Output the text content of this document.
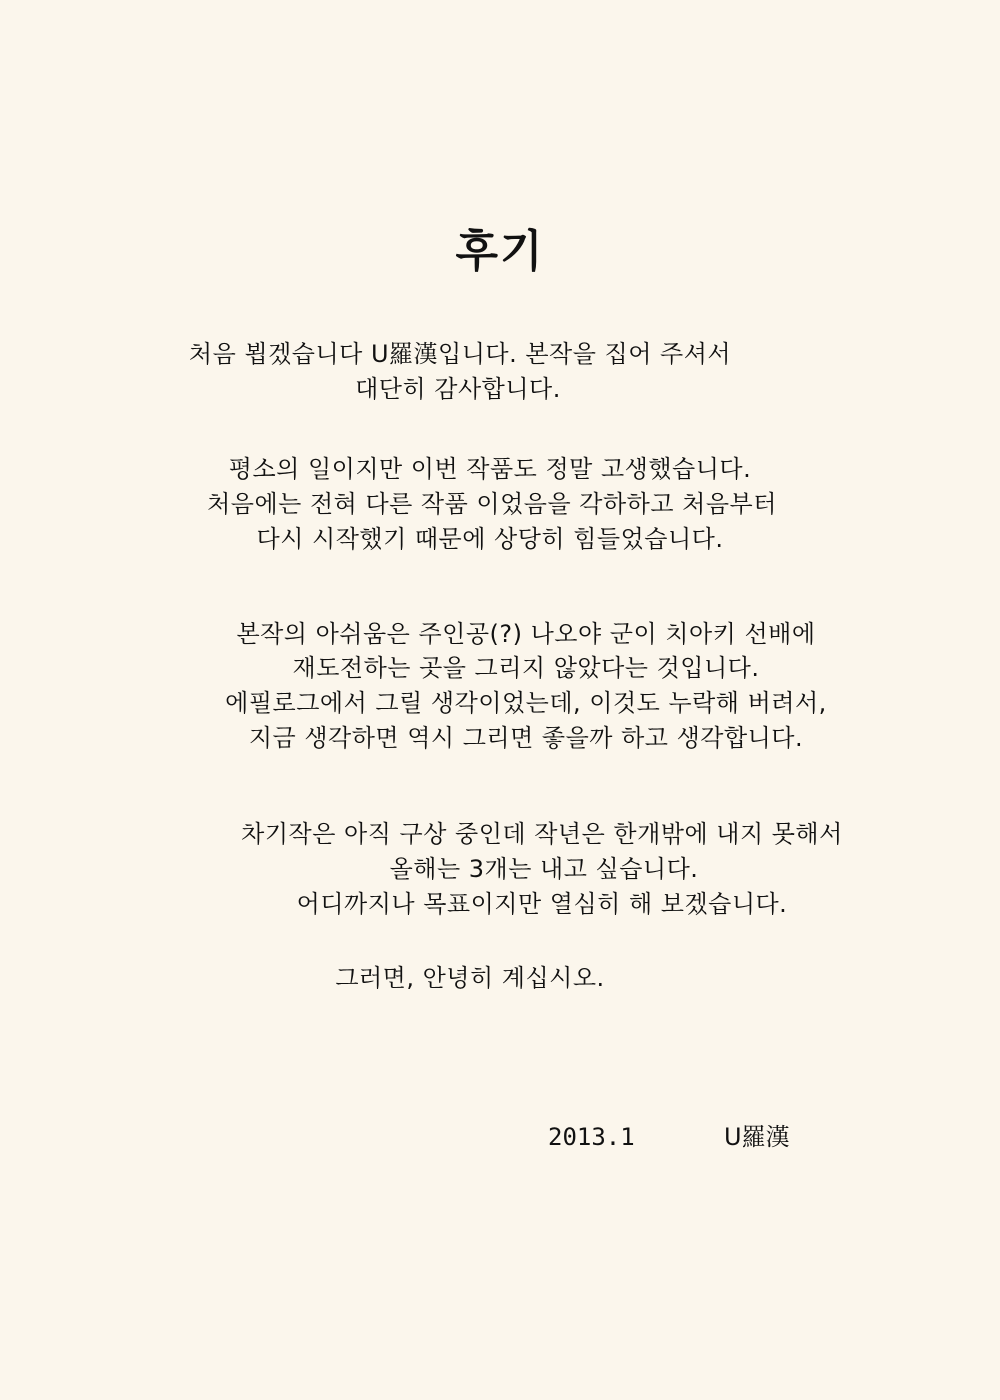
후기
처음 뵙겠습니다 U羅漢입니다. 본작을 집어 주셔서
대단히 감사합니다.
평소의 일이지만 이번 작품도 정말 고생했습니다.
처음에는 전혀 다른 작품 이었음을 각하하고 처음부터
다시 시작했기 때문에 상당히 힘들었습니다.
본작의 아쉬움은 주인공(?) 나오야 군이 치아키 선배에
재도전하는 곳을 그리지 않았다는 것입니다.
에필로그에서 그릴 생각이었는데, 이것도 누락해 버려서,
지금 생각하면 역시 그리면 좋을까 하고 생각합니다.
차기작은 아직 구상 중인데 작년은 한개밖에 내지 못해서
올해는 3개는 내고 싶습니다.
어디까지나 목표이지만 열심히 해 보겠습니다.
그러면, 안녕히 계십시오.
2013.1	U羅漢
